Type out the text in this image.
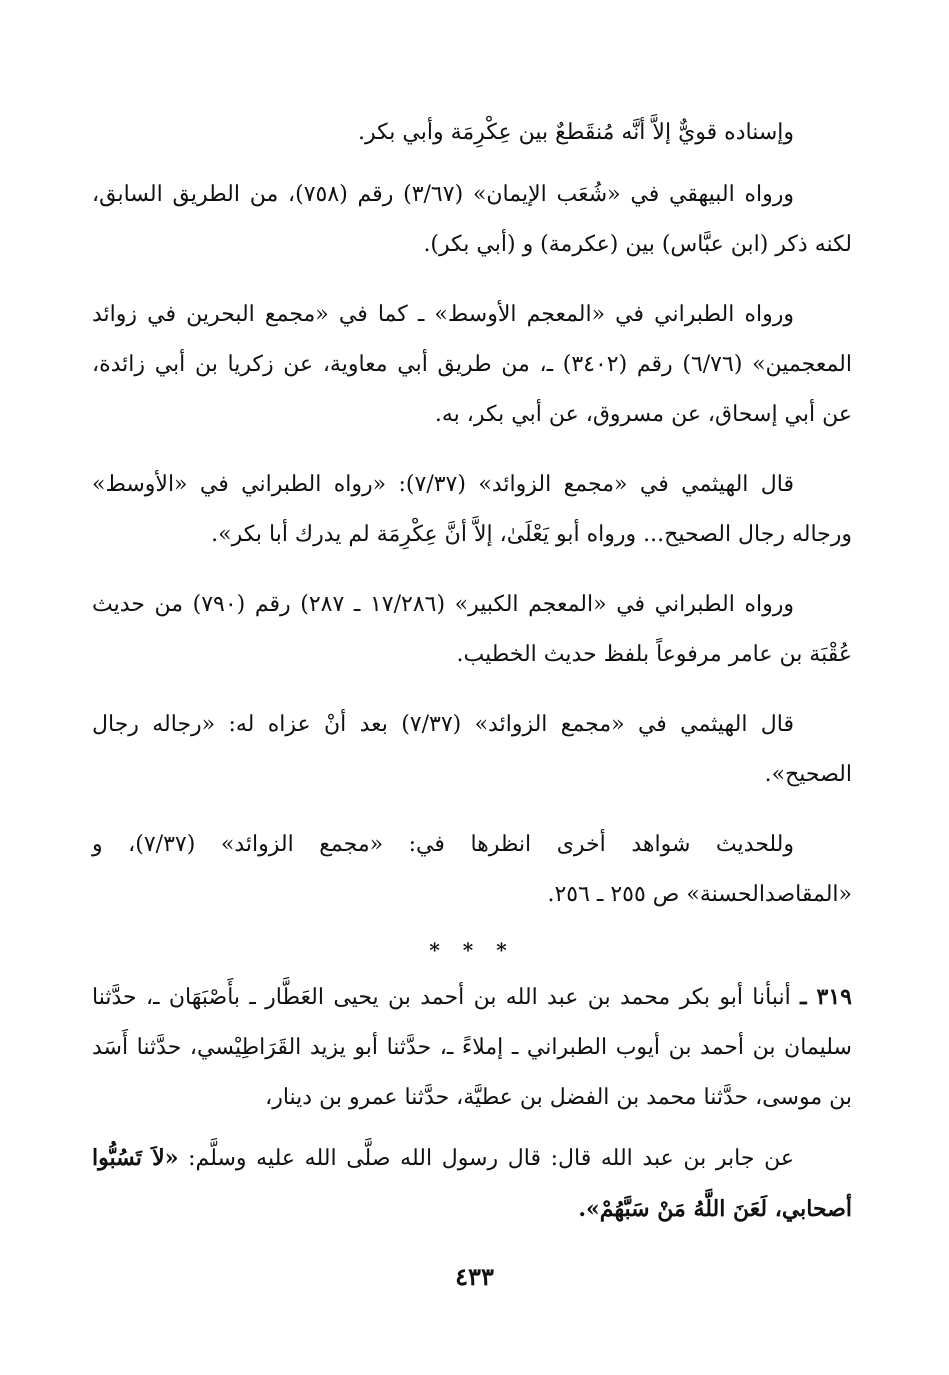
وإسناده قويٌّ إلاَّ أنَّه مُنقَطعٌ بين عِكْرِمَة وأبي بكر.

ورواه البيهقي في «شُعَب الإيمان» (٣/٦٧) رقم (٧٥٨)، من الطريق السابق، لكنه ذكر (ابن عبَّاس) بين (عكرمة) و (أبي بكر).

ورواه الطبراني في «المعجم الأوسط» ـ كما في «مجمع البحرين في زوائد المعجمين» (٦/٧٦) رقم (٣٤٠٢) ـ، من طريق أبي معاوية، عن زكريا بن أبي زائدة، عن أبي إسحاق، عن مسروق، عن أبي بكر، به.

قال الهيثمي في «مجمع الزوائد» (٧/٣٧): «رواه الطبراني في «الأوسط» ورجاله رجال الصحيح... ورواه أبو يَعْلَىٰ، إلاَّ أنَّ عِكْرِمَة لم يدرك أبا بكر».

ورواه الطبراني في «المعجم الكبير» (١٧/٢٨٦ ـ ٢٨٧) رقم (٧٩٠) من حديث عُقْبَة بن عامر مرفوعاً بلفظ حديث الخطيب.

قال الهيثمي في «مجمع الزوائد» (٧/٣٧) بعد أنْ عزاه له: «رجاله رجال الصحيح».

وللحديث شواهد أخرى انظرها في: «مجمع الزوائد» (٧/٣٧)، و «المقاصدالحسنة» ص ٢٥٥ ـ ٢٥٦.

* * *

٣١٩ ـ أنبأنا أبو بكر محمد بن عبد الله بن أحمد بن يحيى العَطَّار ـ بأَصْبَهَان ـ، حدَّثنا سليمان بن أحمد بن أيوب الطبراني ـ إملاءً ـ، حدَّثنا أبو يزيد القَرَاطِيْسي، حدَّثنا أَسَد بن موسى، حدَّثنا محمد بن الفضل بن عطيَّة، حدَّثنا عمرو بن دينار،

عن جابر بن عبد الله قال: قال رسول الله صلَّى الله عليه وسلَّم: «لاَ تَسُبُّوا أصحابي، لَعَنَ اللَّهُ مَنْ سَبَّهُمْ».

٤٣٣
